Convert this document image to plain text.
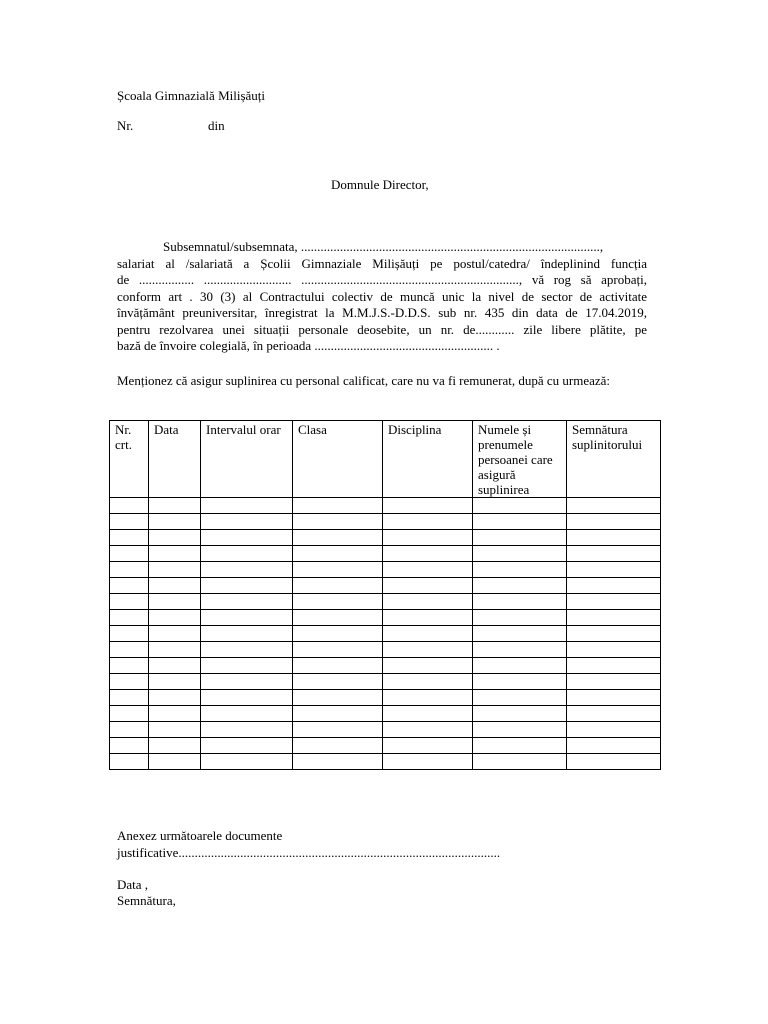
Școala Gimnazială Milișăuți
Nr.	din
Domnule Director,
Subsemnatul/subsemnata, ............................................................................................,
salariat al /salariată a Școlii Gimnaziale Milișăuți pe postul/catedra/ îndeplinind funcția
de ................. ........................... ..................................................................., vă rog să aprobați,
conform art . 30 (3) al Contractului colectiv de muncă unic la nivel de sector de activitate
învățământ preuniversitar, înregistrat la M.M.J.S.-D.D.S. sub nr. 435 din data de 17.04.2019,
pentru rezolvarea unei situații personale deosebite, un nr. de............ zile libere plătite, pe
bază de învoire colegială, în perioada ....................................................... .
Menționez că asigur suplinirea cu personal calificat, care nu va fi remunerat, după cu urmează:
Nr. crt.	Data	Intervalul orar	Clasa	Disciplina	Numele și prenumele persoanei care asigură suplinirea	Semnătura suplinitorului

Anexez următoarele documente
justificative...................................................................................................
Data ,
Semnătura,
